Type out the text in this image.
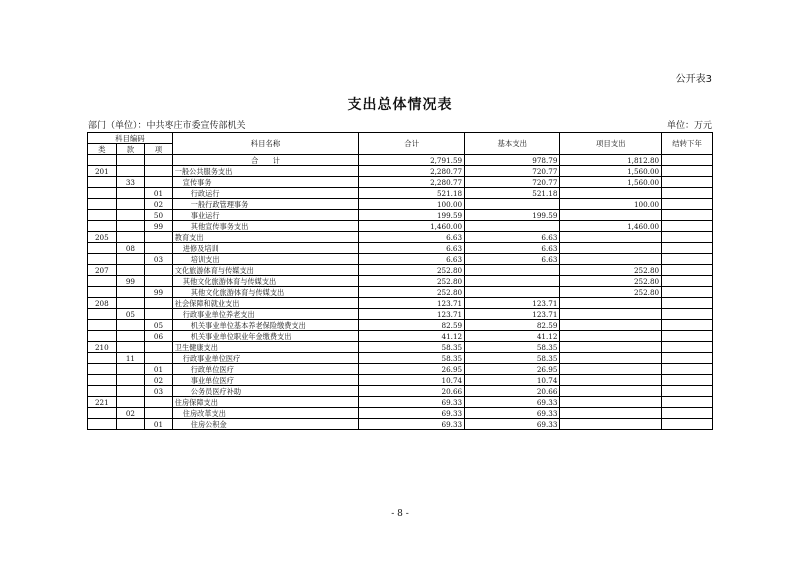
公开表3
支出总体情况表
部门（单位）：中共枣庄市委宣传部机关	单位：万元
科目编码			科目名称	合计	基本支出	项目支出	结转下年
类	款	项					
			合　　计	2,791.59	978.79	1,812.80	
201			一般公共服务支出	2,280.77	720.77	1,560.00	
	33		宣传事务	2,280.77	720.77	1,560.00	
		01	行政运行	521.18	521.18		
		02	一般行政管理事务	100.00		100.00	
		50	事业运行	199.59	199.59		
		99	其他宣传事务支出	1,460.00		1,460.00	
205			教育支出	6.63	6.63		
	08		进修及培训	6.63	6.63		
		03	培训支出	6.63	6.63		
207			文化旅游体育与传媒支出	252.80		252.80	
	99		其他文化旅游体育与传媒支出	252.80		252.80	
		99	其他文化旅游体育与传媒支出	252.80		252.80	
208			社会保障和就业支出	123.71	123.71		
	05		行政事业单位养老支出	123.71	123.71		
		05	机关事业单位基本养老保险缴费支出	82.59	82.59		
		06	机关事业单位职业年金缴费支出	41.12	41.12		
210			卫生健康支出	58.35	58.35		
	11		行政事业单位医疗	58.35	58.35		
		01	行政单位医疗	26.95	26.95		
		02	事业单位医疗	10.74	10.74		
		03	公务员医疗补助	20.66	20.66		
221			住房保障支出	69.33	69.33		
	02		住房改革支出	69.33	69.33		
		01	住房公积金	69.33	69.33		
- 8 -
